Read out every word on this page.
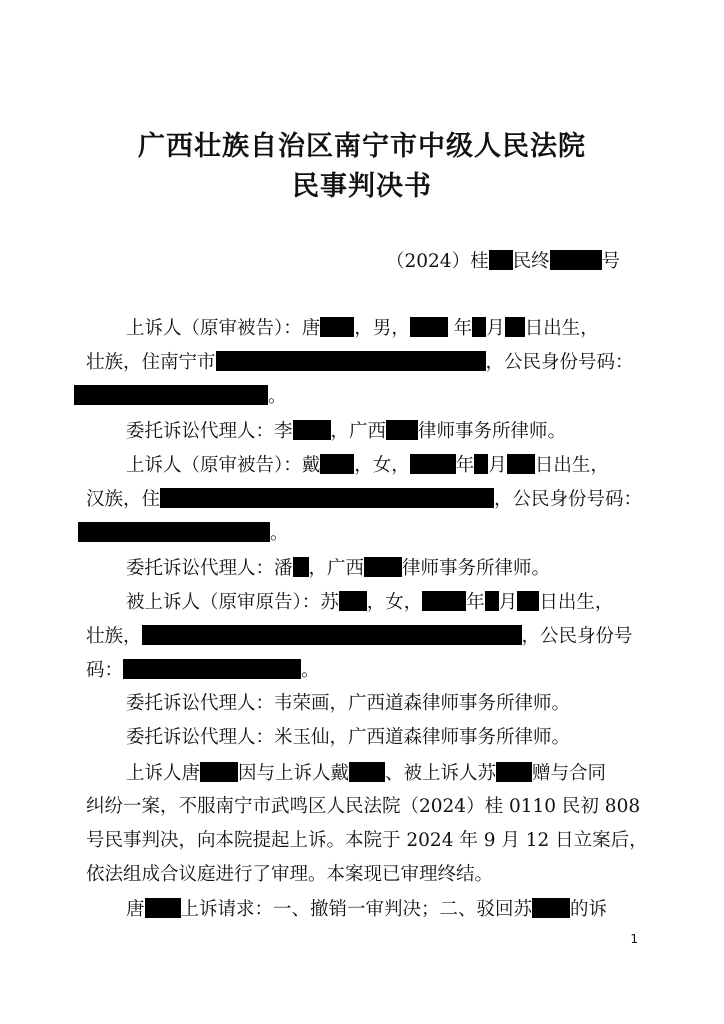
广西壮族自治区南宁市中级人民法院
民事判决书
（2024）桂 民终	号
上诉人（原审被告）：唐 ，男， 年 月 日出生，
壮族，住南宁市	，公民身份号码：
。
委托诉讼代理人：李 ，广西 律师事务所律师。
上诉人（原审被告）：戴 ，女， 年 月 日出生，
汉族，住	，公民身份号码：
。
委托诉讼代理人：潘 ，广西 律师事务所律师。
被上诉人（原审原告）：苏 ，女， 年 月 日出生，
壮族，	，公民身份号
码：	。
委托诉讼代理人：韦荣画，广西道森律师事务所律师。
委托诉讼代理人：米玉仙，广西道森律师事务所律师。
上诉人唐 因与上诉人戴 、被上诉人苏 赠与合同
纠纷一案，不服南宁市武鸣区人民法院（2024）桂 0110 民初 808
号民事判决，向本院提起上诉。本院于 2024 年 9 月 12 日立案后，
依法组成合议庭进行了审理。本案现已审理终结。
唐 上诉请求：一、撤销一审判决；二、驳回苏 的诉
1
